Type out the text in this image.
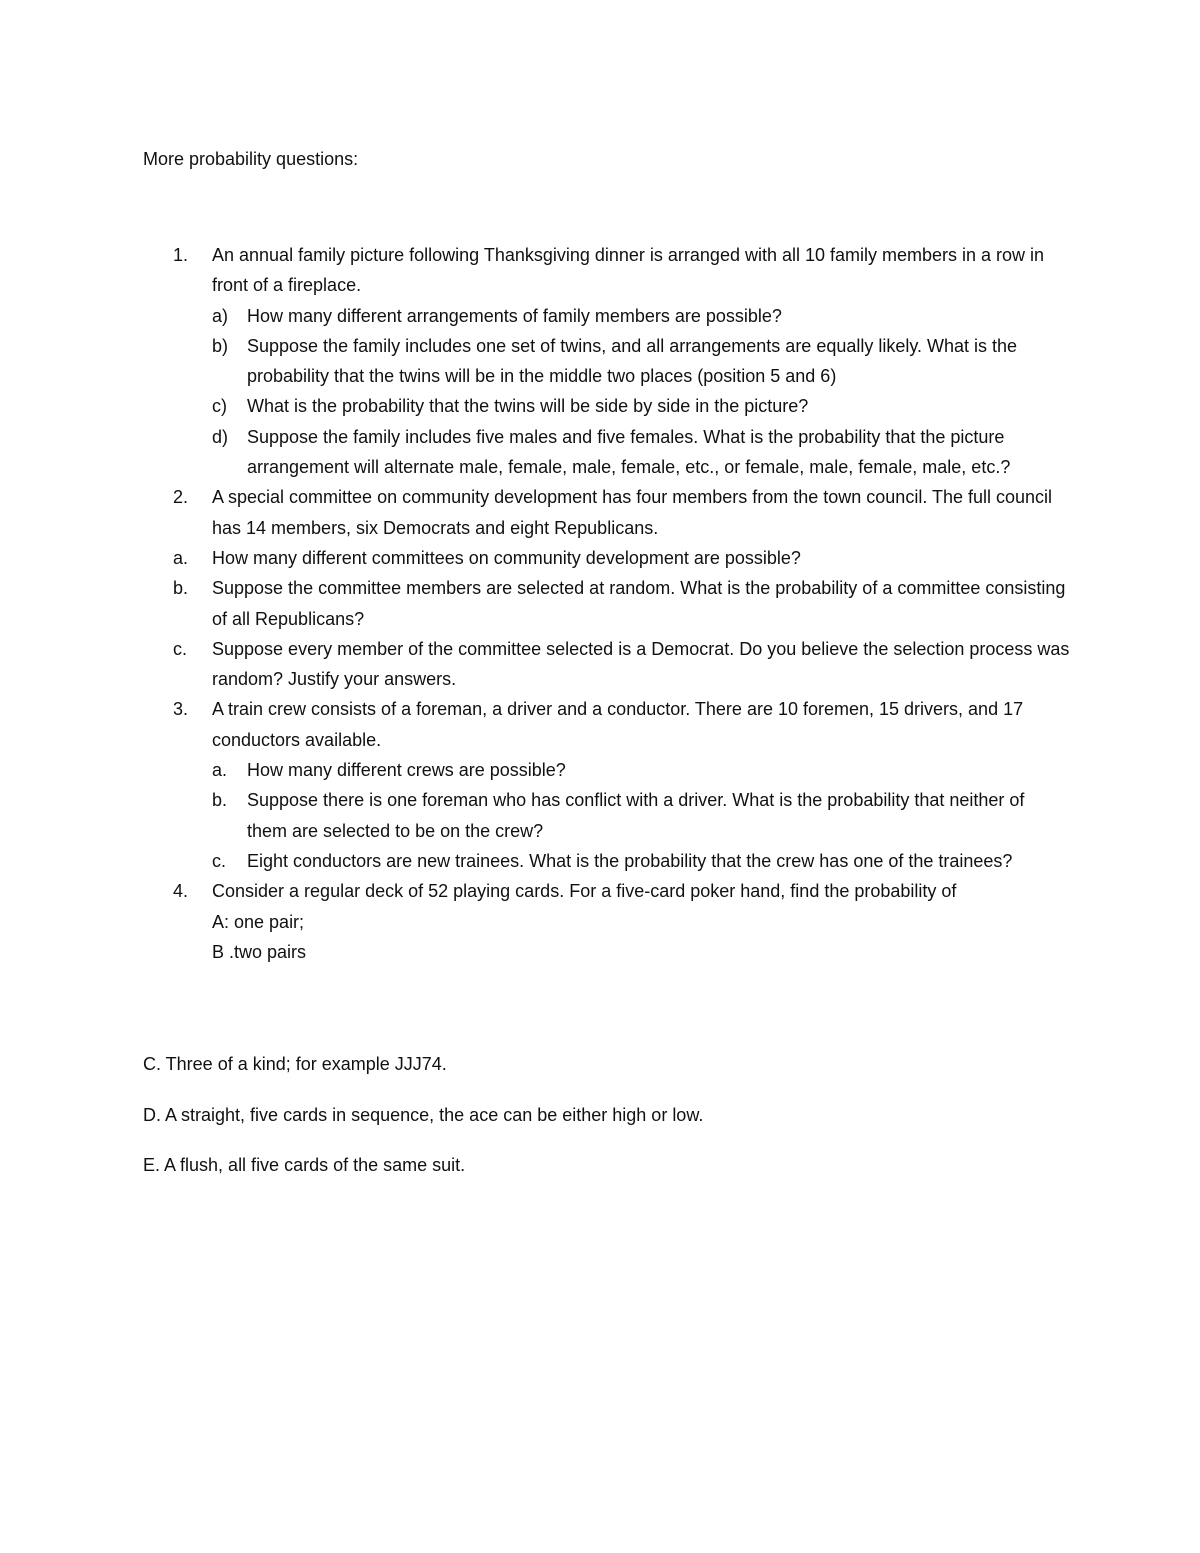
More probability questions:

1. An annual family picture following Thanksgiving dinner is arranged with all 10 family members in a row in front of a fireplace.
a) How many different arrangements of family members are possible?
b) Suppose the family includes one set of twins, and all arrangements are equally likely. What is the probability that the twins will be in the middle two places (position 5 and 6)
c) What is the probability that the twins will be side by side in the picture?
d) Suppose the family includes five males and five females. What is the probability that the picture arrangement will alternate male, female, male, female, etc., or female, male, female, male, etc.?
2. A special committee on community development has four members from the town council. The full council has 14 members, six Democrats and eight Republicans.
a. How many different committees on community development are possible?
b. Suppose the committee members are selected at random. What is the probability of a committee consisting of all Republicans?
c. Suppose every member of the committee selected is a Democrat. Do you believe the selection process was random? Justify your answers.
3. A train crew consists of a foreman, a driver and a conductor. There are 10 foremen, 15 drivers, and 17 conductors available.
a. How many different crews are possible?
b. Suppose there is one foreman who has conflict with a driver. What is the probability that neither of them are selected to be on the crew?
c. Eight conductors are new trainees. What is the probability that the crew has one of the trainees?
4. Consider a regular deck of 52 playing cards. For a five-card poker hand, find the probability of
A: one pair;
B .two pairs

C. Three of a kind; for example JJJ74.

D. A straight, five cards in sequence, the ace can be either high or low.

E. A flush, all five cards of the same suit.
